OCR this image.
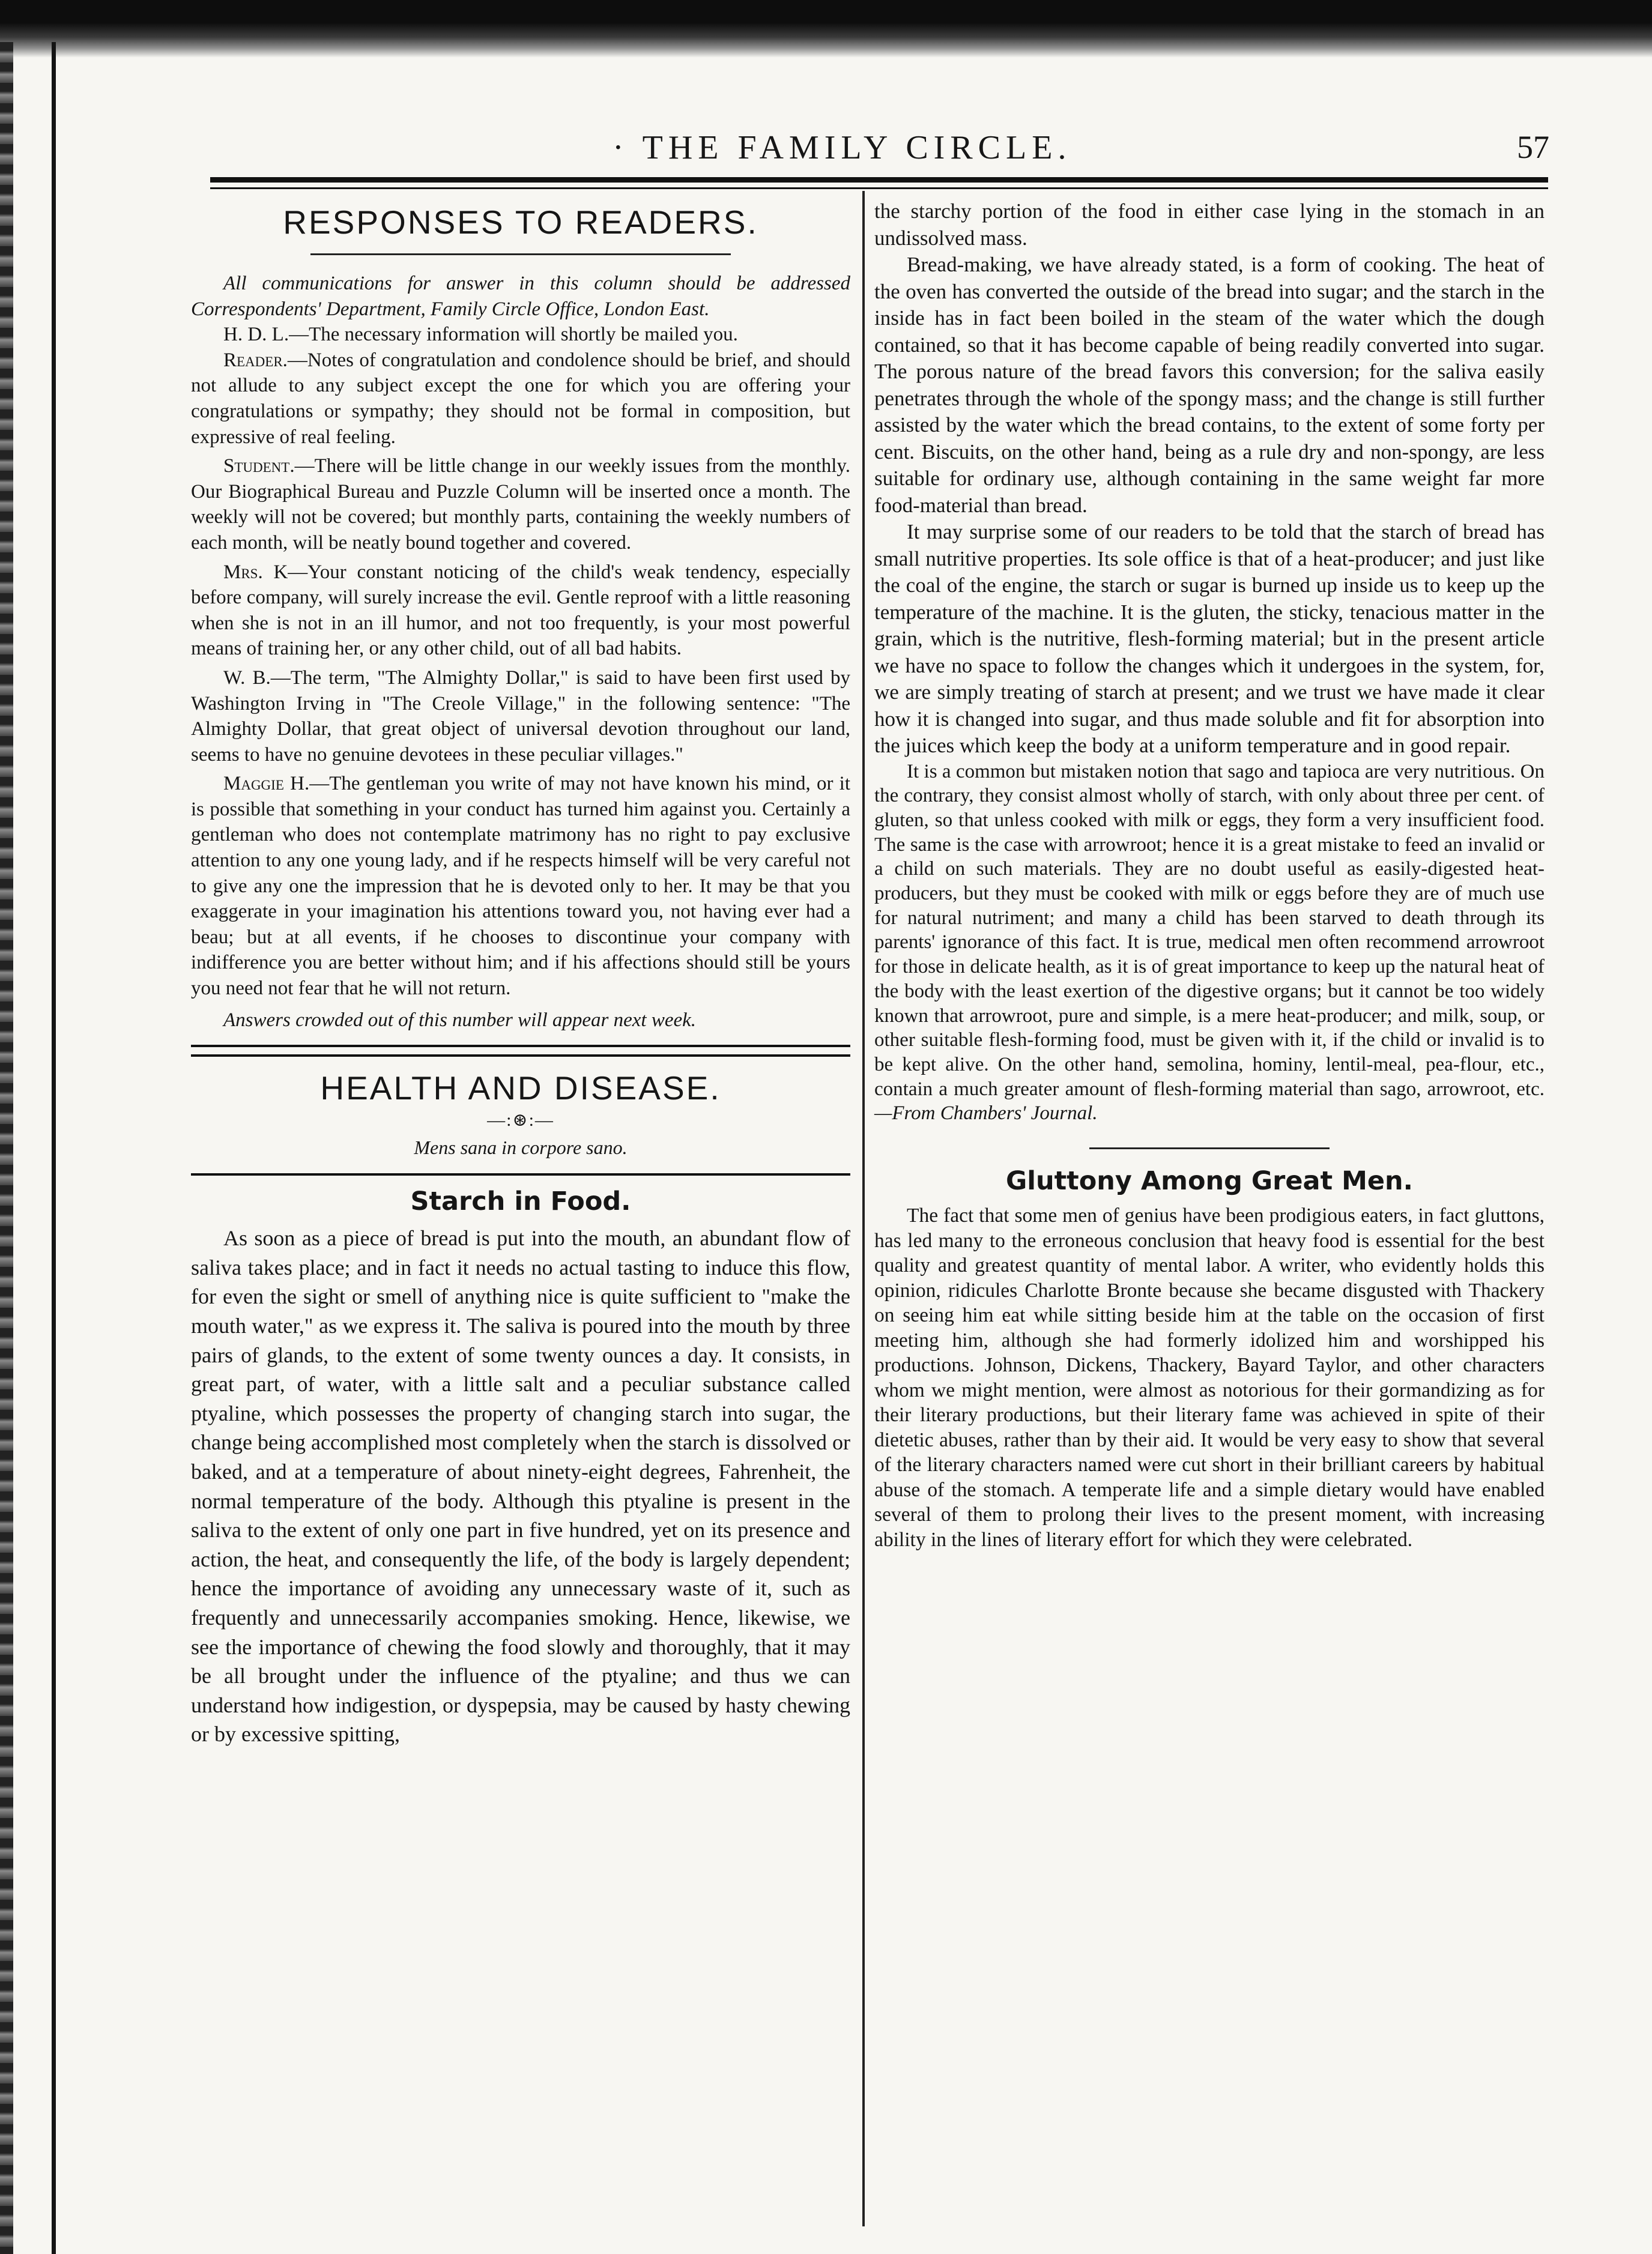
· THE FAMILY CIRCLE.	57
RESPONSES TO READERS.

All communications for answer in this column should be addressed Correspondents' Department, Family Circle Office, London East.

H. D. L.—The necessary information will shortly be mailed you.

Reader.—Notes of congratulation and condolence should be brief, and should not allude to any subject except the one for which you are offering your congratulations or sympathy; they should not be formal in composition, but expressive of real feeling.

Student.—There will be little change in our weekly issues from the monthly. Our Biographical Bureau and Puzzle Column will be inserted once a month. The weekly will not be covered; but monthly parts, containing the weekly numbers of each month, will be neatly bound together and covered.

Mrs. K—Your constant noticing of the child's weak tendency, especially before company, will surely increase the evil. Gentle reproof with a little reasoning when she is not in an ill humor, and not too frequently, is your most powerful means of training her, or any other child, out of all bad habits.

W. B.—The term, "The Almighty Dollar," is said to have been first used by Washington Irving in "The Creole Village," in the following sentence: "The Almighty Dollar, that great object of universal devotion throughout our land, seems to have no genuine devotees in these peculiar villages."

Maggie H.—The gentleman you write of may not have known his mind, or it is possible that something in your conduct has turned him against you. Certainly a gentleman who does not contemplate matrimony has no right to pay exclusive attention to any one young lady, and if he respects himself will be very careful not to give any one the impression that he is devoted only to her. It may be that you exaggerate in your imagination his attentions toward you, not having ever had a beau; but at all events, if he chooses to discontinue your company with indifference you are better without him; and if his affections should still be yours you need not fear that he will not return.

Answers crowded out of this number will appear next week.

HEALTH AND DISEASE.
—:⊛:—
Mens sana in corpore sano.
Starch in Food.

As soon as a piece of bread is put into the mouth, an abundant flow of saliva takes place; and in fact it needs no actual tasting to induce this flow, for even the sight or smell of anything nice is quite sufficient to "make the mouth water," as we express it. The saliva is poured into the mouth by three pairs of glands, to the extent of some twenty ounces a day. It consists, in great part, of water, with a little salt and a peculiar substance called ptyaline, which possesses the property of changing starch into sugar, the change being accomplished most completely when the starch is dissolved or baked, and at a temperature of about ninety-eight degrees, Fahrenheit, the normal temperature of the body. Although this ptyaline is present in the saliva to the extent of only one part in five hundred, yet on its presence and action, the heat, and consequently the life, of the body is largely dependent; hence the importance of avoiding any unnecessary waste of it, such as frequently and unnecessarily accompanies smoking. Hence, likewise, we see the importance of chewing the food slowly and thoroughly, that it may be all brought under the influence of the ptyaline; and thus we can understand how indigestion, or dyspepsia, may be caused by hasty chewing or by excessive spitting,

the starchy portion of the food in either case lying in the stomach in an undissolved mass.

Bread-making, we have already stated, is a form of cooking. The heat of the oven has converted the outside of the bread into sugar; and the starch in the inside has in fact been boiled in the steam of the water which the dough contained, so that it has become capable of being readily converted into sugar. The porous nature of the bread favors this conversion; for the saliva easily penetrates through the whole of the spongy mass; and the change is still further assisted by the water which the bread contains, to the extent of some forty per cent. Biscuits, on the other hand, being as a rule dry and non-spongy, are less suitable for ordinary use, although containing in the same weight far more food-material than bread.

It may surprise some of our readers to be told that the starch of bread has small nutritive properties. Its sole office is that of a heat-producer; and just like the coal of the engine, the starch or sugar is burned up inside us to keep up the temperature of the machine. It is the gluten, the sticky, tenacious matter in the grain, which is the nutritive, flesh-forming material; but in the present article we have no space to follow the changes which it undergoes in the system, for, we are simply treating of starch at present; and we trust we have made it clear how it is changed into sugar, and thus made soluble and fit for absorption into the juices which keep the body at a uniform temperature and in good repair.

It is a common but mistaken notion that sago and tapioca are very nutritious. On the contrary, they consist almost wholly of starch, with only about three per cent. of gluten, so that unless cooked with milk or eggs, they form a very insufficient food. The same is the case with arrowroot; hence it is a great mistake to feed an invalid or a child on such materials. They are no doubt useful as easily-digested heat-producers, but they must be cooked with milk or eggs before they are of much use for natural nutriment; and many a child has been starved to death through its parents' ignorance of this fact. It is true, medical men often recommend arrowroot for those in delicate health, as it is of great importance to keep up the natural heat of the body with the least exertion of the digestive organs; but it cannot be too widely known that arrowroot, pure and simple, is a mere heat-producer; and milk, soup, or other suitable flesh-forming food, must be given with it, if the child or invalid is to be kept alive. On the other hand, semolina, hominy, lentil-meal, pea-flour, etc., contain a much greater amount of flesh-forming material than sago, arrowroot, etc.—From Chambers' Journal.

Gluttony Among Great Men.

The fact that some men of genius have been prodigious eaters, in fact gluttons, has led many to the erroneous conclusion that heavy food is essential for the best quality and greatest quantity of mental labor. A writer, who evidently holds this opinion, ridicules Charlotte Bronte because she became disgusted with Thackery on seeing him eat while sitting beside him at the table on the occasion of first meeting him, although she had formerly idolized him and worshipped his productions. Johnson, Dickens, Thackery, Bayard Taylor, and other characters whom we might mention, were almost as notorious for their gormandizing as for their literary productions, but their literary fame was achieved in spite of their dietetic abuses, rather than by their aid. It would be very easy to show that several of the literary characters named were cut short in their brilliant careers by habitual abuse of the stomach. A temperate life and a simple dietary would have enabled several of them to prolong their lives to the present moment, with increasing ability in the lines of literary effort for which they were celebrated.
